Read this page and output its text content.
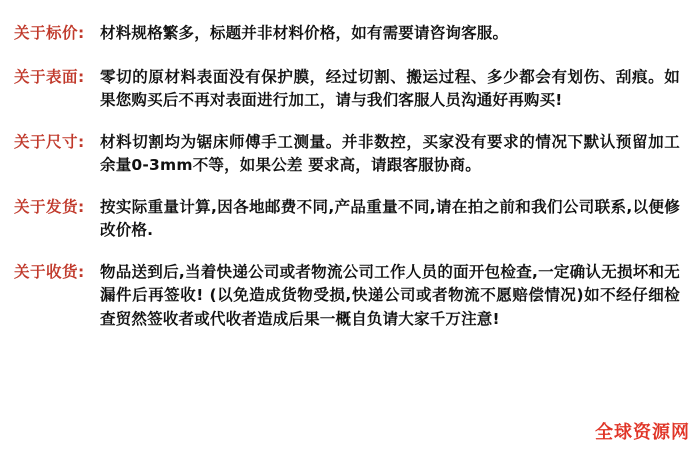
关于标价: 材料规格繁多，标题并非材料价格，如有需要请咨询客服。
关于表面: 零切的原材料表面没有保护膜，经过切割、搬运过程、多少都会有划伤、刮痕。如果您购买后不再对表面进行加工，请与我们客服人员沟通好再购买!
关于尺寸: 材料切割均为锯床师傅手工测量。并非数控，买家没有要求的情况下默认预留加工余量0-3mm不等，如果公差 要求高，请跟客服协商。
关于发货: 按实际重量计算,因各地邮费不同,产品重量不同,请在拍之前和我们公司联系,以便修改价格.
关于收货: 物品送到后,当着快递公司或者物流公司工作人员的面开包检查,一定确认无损坏和无漏件后再签收! (以免造成货物受损,快递公司或者物流不愿赔偿情况)如不经仔细检查贸然签收者或代收者造成后果一概自负请大家千万注意!
全球资源网
